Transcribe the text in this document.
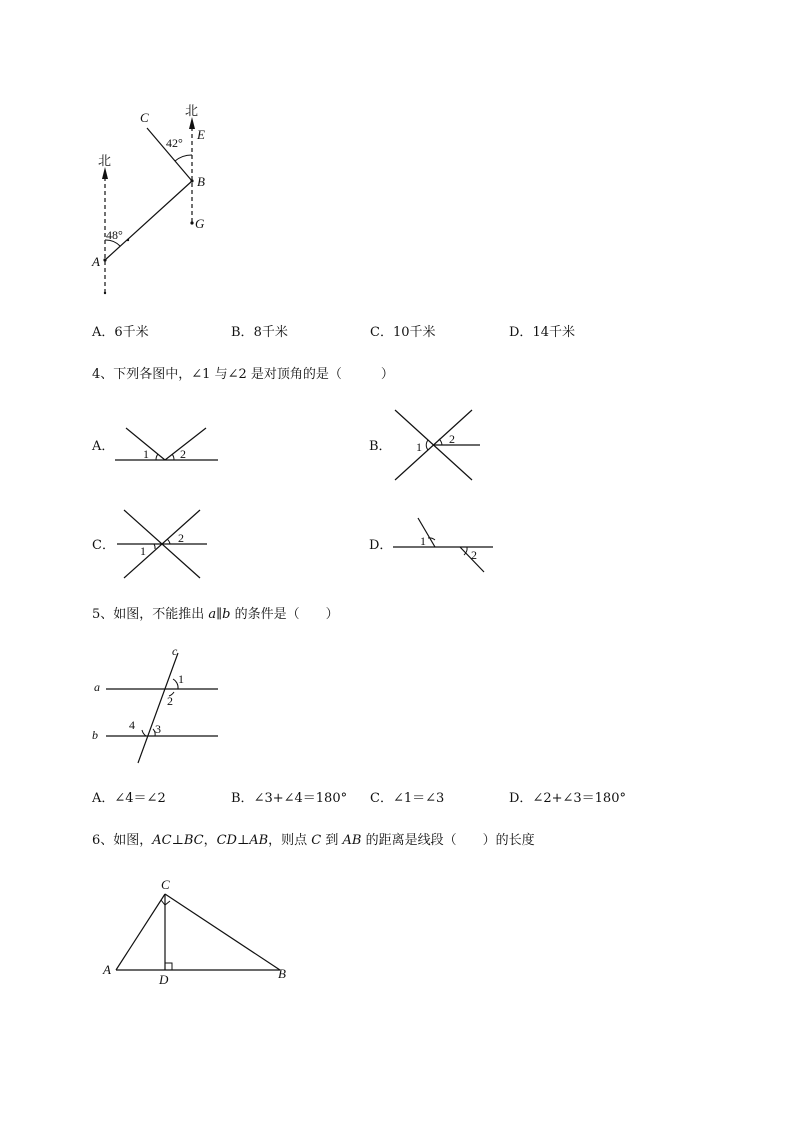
北
北
C
E
B
G
A
42°
48°
A．6千米	B．8千米	C．10千米	D．14千米
4、下列各图中，∠1 与∠2 是对顶角的是（　　　）
A． 1	2	B． 1
2
C． 1
2	D． 1
2
5、如图，不能推出 a∥b 的条件是（　　）
c
a
b
1
2
3
4
A．∠4＝∠2	B．∠3+∠4＝180° C．∠1＝∠3	D．∠2+∠3＝180°
6、如图，AC⊥BC，CD⊥AB，则点 C 到 AB 的距离是线段（　　）的长度
C
A
D	B
